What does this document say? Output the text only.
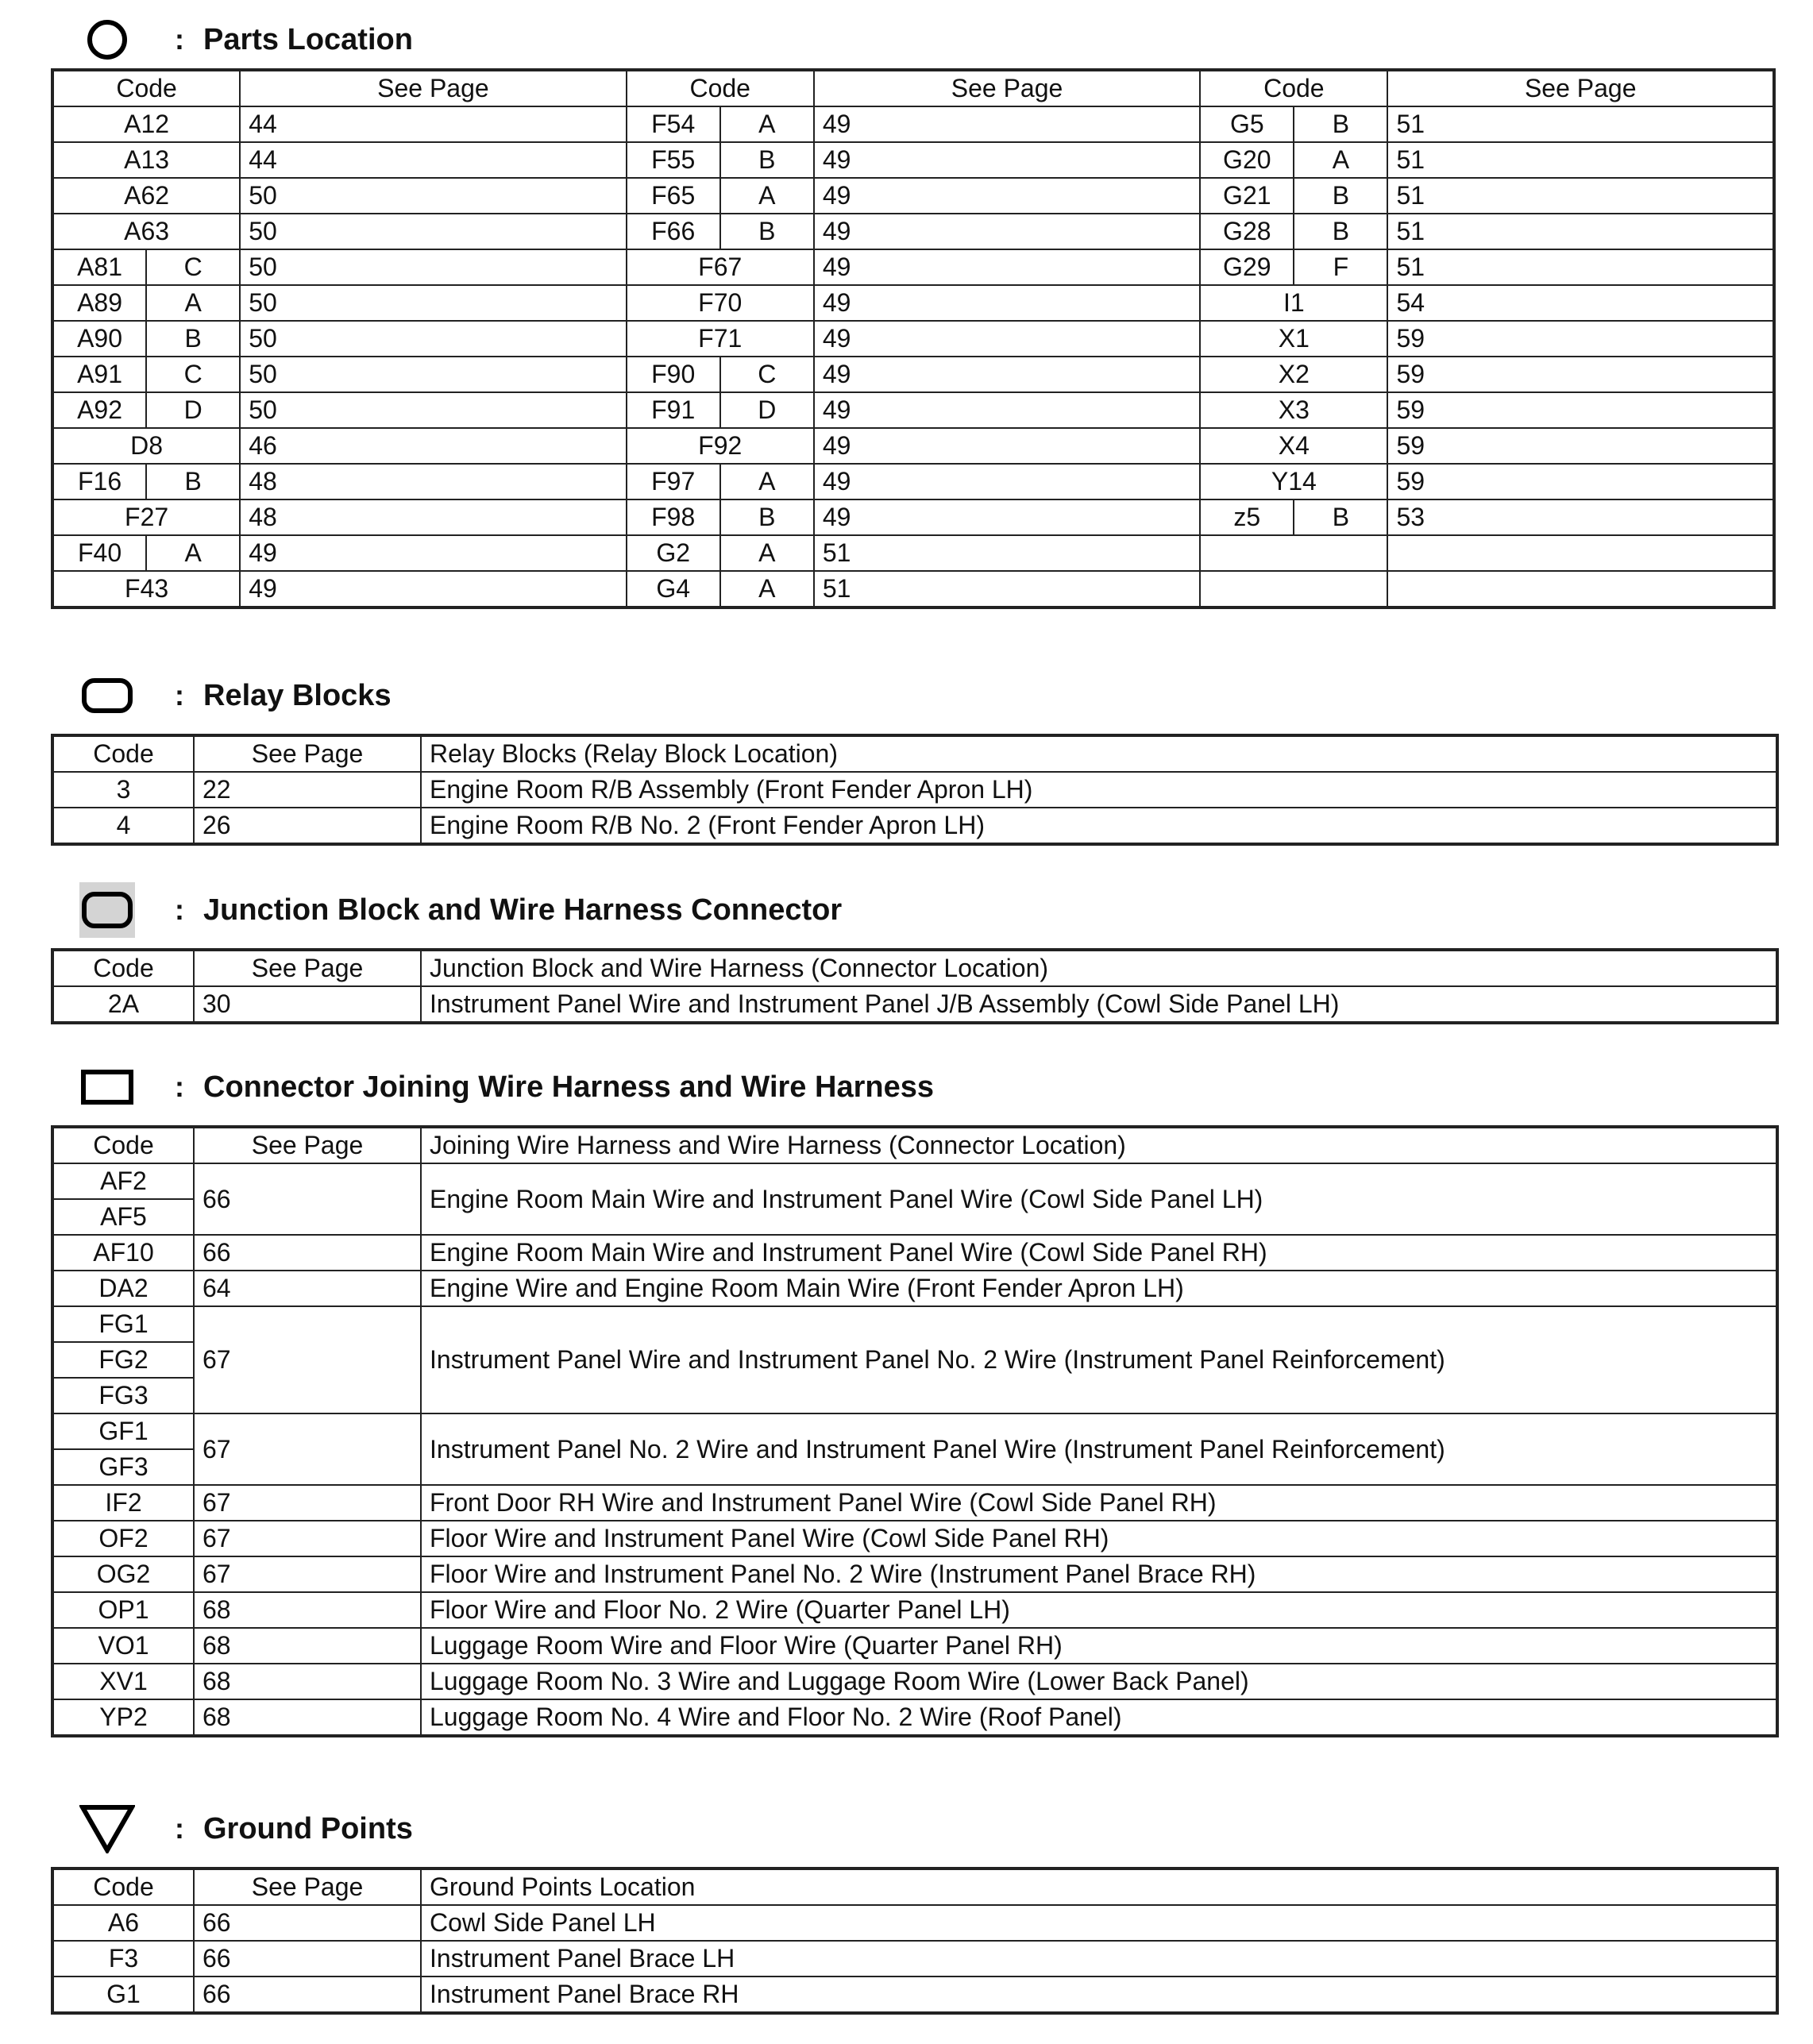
: Parts Location
Code		See Page	Code		See Page	Code		See Page
A12		44	F54	A	49	G5	B	51
A13		44	F55	B	49	G20	A	51
A62		50	F65	A	49	G21	B	51
A63		50	F66	B	49	G28	B	51
A81	C	50	F67		49	G29	F	51
A89	A	50	F70		49	I1		54
A90	B	50	F71		49	X1		59
A91	C	50	F90	C	49	X2		59
A92	D	50	F91	D	49	X3		59
D8		46	F92		49	X4		59
F16	B	48	F97	A	49	Y14		59
F27		48	F98	B	49	z5	B	53
F40	A	49	G2	A	51			
F43		49	G4	A	51			
: Relay Blocks
Code	See Page	Relay Blocks (Relay Block Location)
3	22	Engine Room R/B Assembly (Front Fender Apron LH)
4	26	Engine Room R/B No. 2 (Front Fender Apron LH)
: Junction Block and Wire Harness Connector
Code	See Page	Junction Block and Wire Harness (Connector Location)
2A	30	Instrument Panel Wire and Instrument Panel J/B Assembly (Cowl Side Panel LH)
: Connector Joining Wire Harness and Wire Harness
Code	See Page	Joining Wire Harness and Wire Harness (Connector Location)
AF2	66	Engine Room Main Wire and Instrument Panel Wire (Cowl Side Panel LH)
AF5		
AF10	66	Engine Room Main Wire and Instrument Panel Wire (Cowl Side Panel RH)
DA2	64	Engine Wire and Engine Room Main Wire (Front Fender Apron LH)
FG1	67	Instrument Panel Wire and Instrument Panel No. 2 Wire (Instrument Panel Reinforcement)
FG2		
FG3		
GF1	67	Instrument Panel No. 2 Wire and Instrument Panel Wire (Instrument Panel Reinforcement)
GF3		
IF2	67	Front Door RH Wire and Instrument Panel Wire (Cowl Side Panel RH)
OF2	67	Floor Wire and Instrument Panel Wire (Cowl Side Panel RH)
OG2	67	Floor Wire and Instrument Panel No. 2 Wire (Instrument Panel Brace RH)
OP1	68	Floor Wire and Floor No. 2 Wire (Quarter Panel LH)
VO1	68	Luggage Room Wire and Floor Wire (Quarter Panel RH)
XV1	68	Luggage Room No. 3 Wire and Luggage Room Wire (Lower Back Panel)
YP2	68	Luggage Room No. 4 Wire and Floor No. 2 Wire (Roof Panel)
: Ground Points
Code	See Page	Ground Points Location
A6	66	Cowl Side Panel LH
F3	66	Instrument Panel Brace LH
G1	66	Instrument Panel Brace RH
